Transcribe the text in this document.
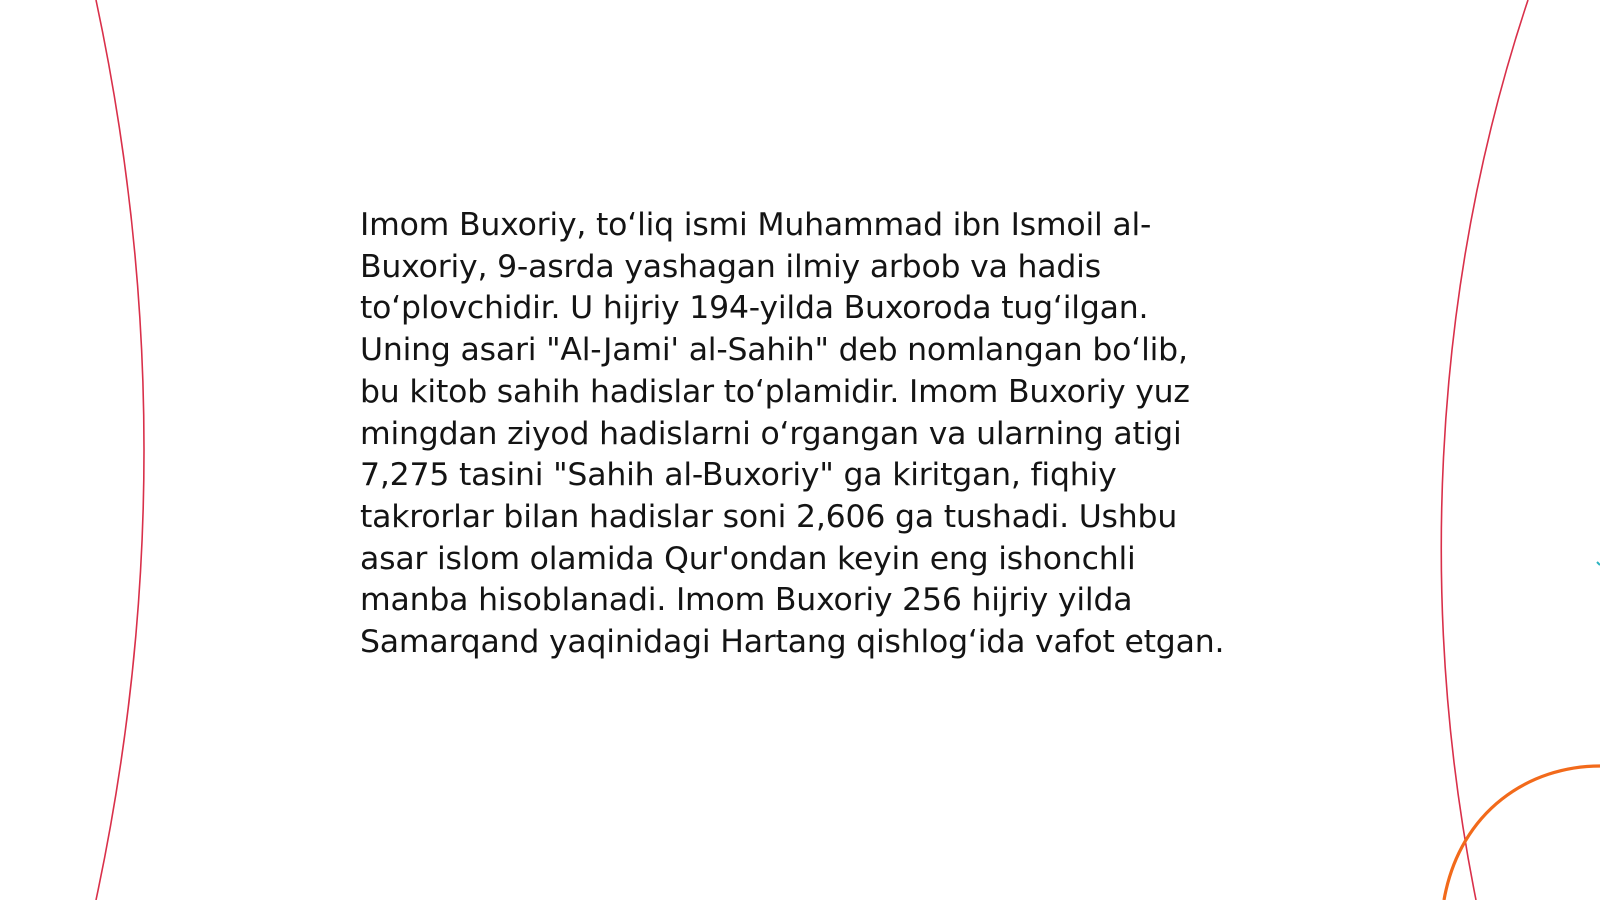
Imom Buxoriy, to‘liq ismi Muhammad ibn Ismoil al-Buxoriy, 9-asrda yashagan ilmiy arbob va hadis to‘plovchidir. U hijriy 194-yilda Buxoroda tug‘ilgan. Uning asari "Al-Jami' al-Sahih" deb nomlangan bo‘lib, bu kitob sahih hadislar to‘plamidir. Imom Buxoriy yuz mingdan ziyod hadislarni o‘rgangan va ularning atigi 7,275 tasini "Sahih al-Buxoriy" ga kiritgan, fiqhiy takrorlar bilan hadislar soni 2,606 ga tushadi. Ushbu asar islom olamida Qur'ondan keyin eng ishonchli manba hisoblanadi. Imom Buxoriy 256 hijriy yilda Samarqand yaqinidagi Hartang qishlog‘ida vafot etgan.
